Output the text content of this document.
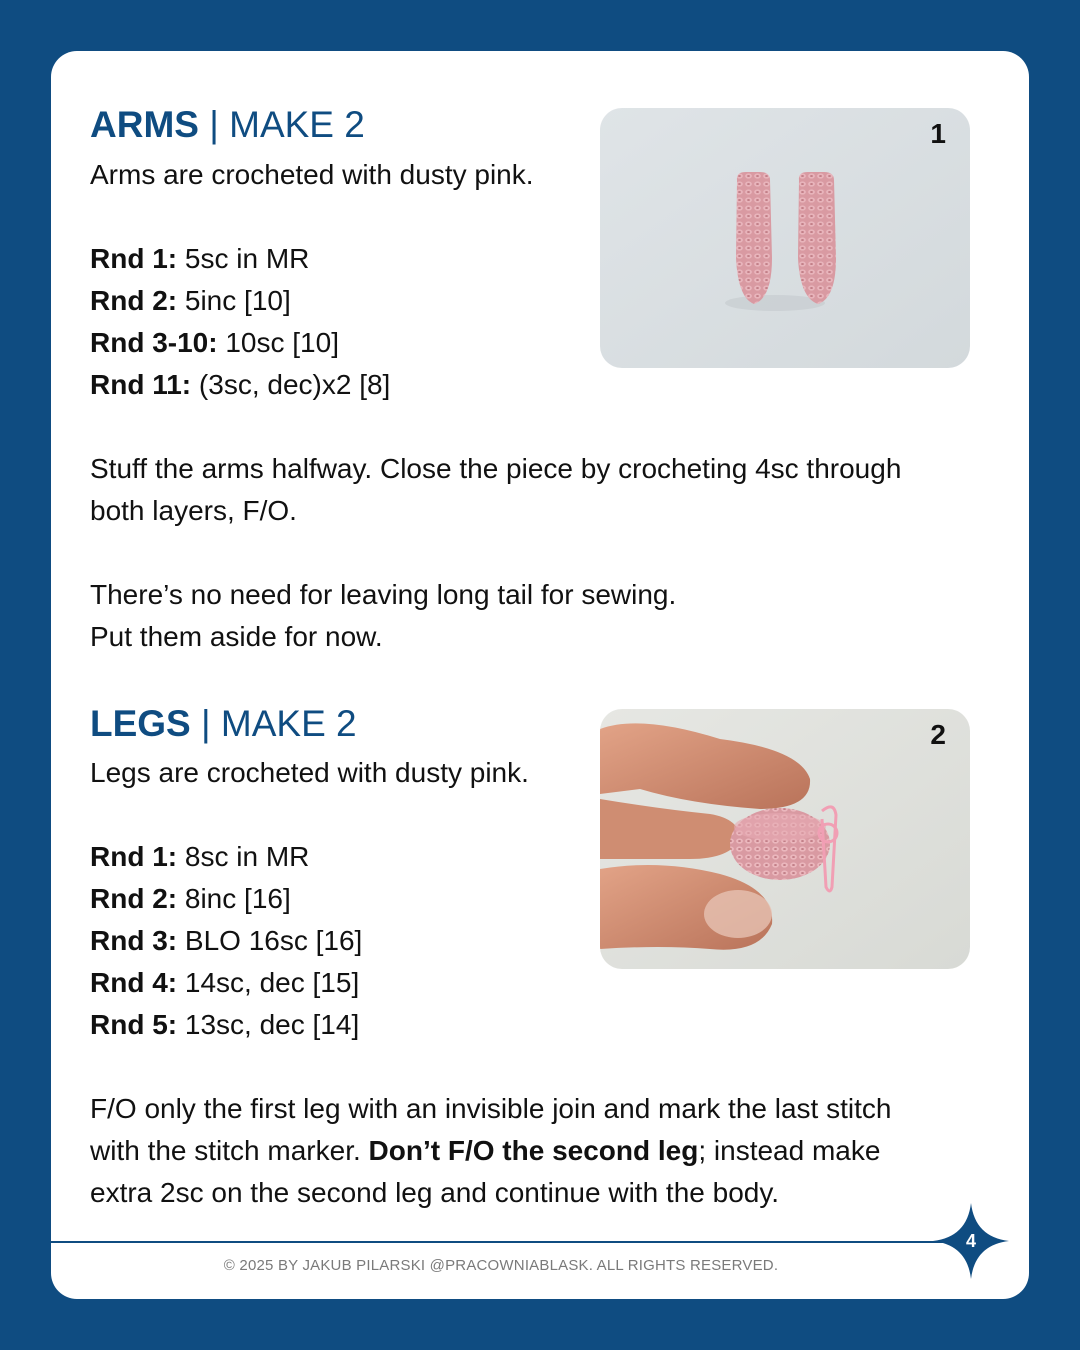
ARMS | MAKE 2

Arms are crocheted with dusty pink.

Rnd 1: 5sc in MR

Rnd 2: 5inc [10]

Rnd 3-10: 10sc [10]

Rnd 11: (3sc, dec)x2 [8]

Stuff the arms halfway. Close the piece by crocheting 4sc through

both layers, F/O.

There’s no need for leaving long tail for sewing.

Put them aside for now.

1
LEGS | MAKE 2

Legs are crocheted with dusty pink.

Rnd 1: 8sc in MR

Rnd 2: 8inc [16]

Rnd 3: BLO 16sc [16]

Rnd 4: 14sc, dec [15]

Rnd 5: 13sc, dec [14]

F/O only the first leg with an invisible join and mark the last stitch

with the stitch marker. Don’t F/O the second leg; instead make

extra 2sc on the second leg and continue with the body.

2
4
© 2025 BY JAKUB PILARSKI @PRACOWNIABLASK. ALL RIGHTS RESERVED.
